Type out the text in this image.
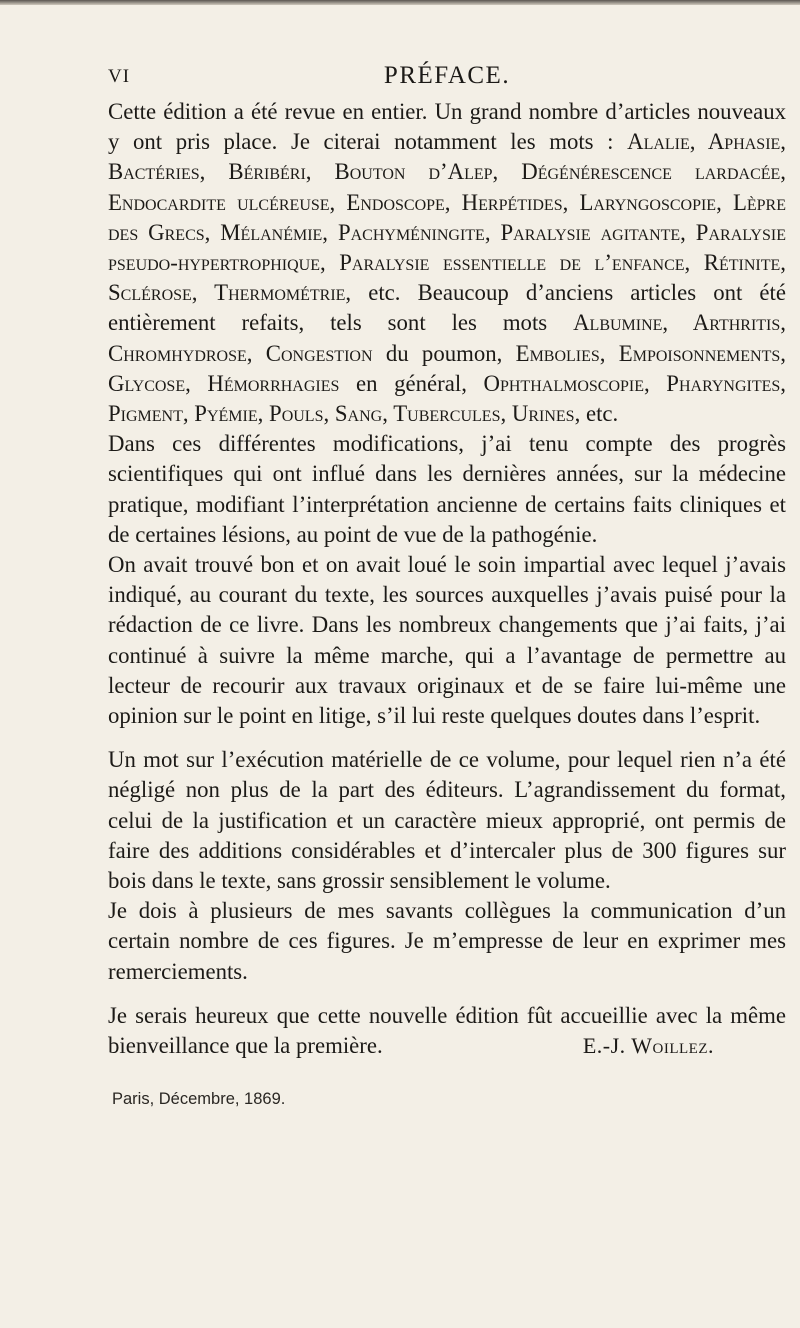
VI	PRÉFACE.

Cette édition a été revue en entier. Un grand nombre d’articles nouveaux y ont pris place. Je citerai notamment les mots : Alalie, Aphasie, Bactéries, Béribéri, Bouton d’Alep, Dégénérescence lardacée, Endocardite ulcéreuse, Endoscope, Herpétides, Laryngoscopie, Lèpre des Grecs, Mélanémie, Pachyméningite, Paralysie agitante, Paralysie pseudo-hypertrophique, Paralysie essentielle de l’enfance, Rétinite, Sclérose, Thermométrie, etc. Beaucoup d’anciens articles ont été entièrement refaits, tels sont les mots Albumine, Arthritis, Chromhydrose, Congestion du poumon, Embolies, Empoisonnements, Glycose, Hémorrhagies en général, Ophthalmoscopie, Pharyngites, Pigment, Pyémie, Pouls, Sang, Tubercules, Urines, etc.

Dans ces différentes modifications, j’ai tenu compte des progrès scientifiques qui ont influé dans les dernières années, sur la médecine pratique, modifiant l’interprétation ancienne de certains faits cliniques et de certaines lésions, au point de vue de la pathogénie.

On avait trouvé bon et on avait loué le soin impartial avec lequel j’avais indiqué, au courant du texte, les sources auxquelles j’avais puisé pour la rédaction de ce livre. Dans les nombreux changements que j’ai faits, j’ai continué à suivre la même marche, qui a l’avantage de permettre au lecteur de recourir aux travaux originaux et de se faire lui-même une opinion sur le point en litige, s’il lui reste quelques doutes dans l’esprit.

Un mot sur l’exécution matérielle de ce volume, pour lequel rien n’a été négligé non plus de la part des éditeurs. L’agrandissement du format, celui de la justification et un caractère mieux approprié, ont permis de faire des additions considérables et d’intercaler plus de 300 figures sur bois dans le texte, sans grossir sensiblement le volume.

Je dois à plusieurs de mes savants collègues la communication d’un certain nombre de ces figures. Je m’empresse de leur en exprimer mes remerciements.

Je serais heureux que cette nouvelle édition fût accueillie avec la même bienveillance que la première.	E.-J. Woillez.
Paris, Décembre, 1869.
